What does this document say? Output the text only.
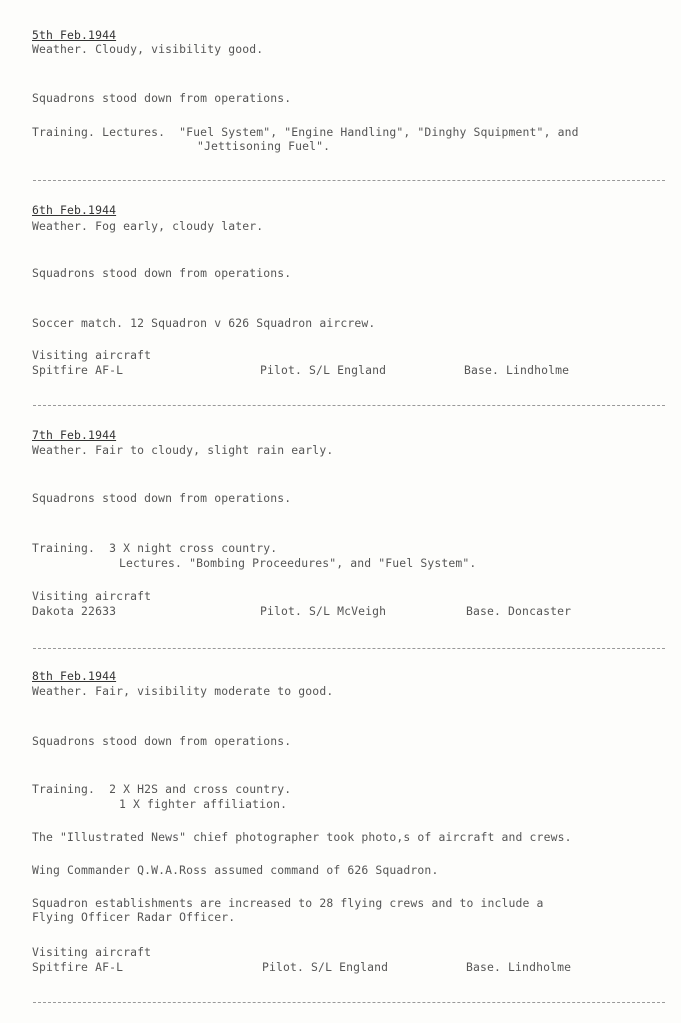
5th Feb.1944
Weather. Cloudy, visibility good.
Squadrons stood down from operations.
Training. Lectures.  "Fuel System", "Engine Handling", "Dinghy Squipment", and
"Jettisoning Fuel".
6th Feb.1944
Weather. Fog early, cloudy later.
Squadrons stood down from operations.
Soccer match. 12 Squadron v 626 Squadron aircrew.
Visiting aircraft
Spitfire AF-L	Pilot. S/L England	Base. Lindholme
7th Feb.1944
Weather. Fair to cloudy, slight rain early.
Squadrons stood down from operations.
Training.  3 X night cross country.
Lectures. "Bombing Proceedures", and "Fuel System".
Visiting aircraft
Dakota 22633	Pilot. S/L McVeigh	Base. Doncaster
8th Feb.1944
Weather. Fair, visibility moderate to good.
Squadrons stood down from operations.
Training.  2 X H2S and cross country.
1 X fighter affiliation.
The "Illustrated News" chief photographer took photo,s of aircraft and crews.
Wing Commander Q.W.A.Ross assumed command of 626 Squadron.
Squadron establishments are increased to 28 flying crews and to include a
Flying Officer Radar Officer.
Visiting aircraft
Spitfire AF-L	Pilot. S/L England	Base. Lindholme
